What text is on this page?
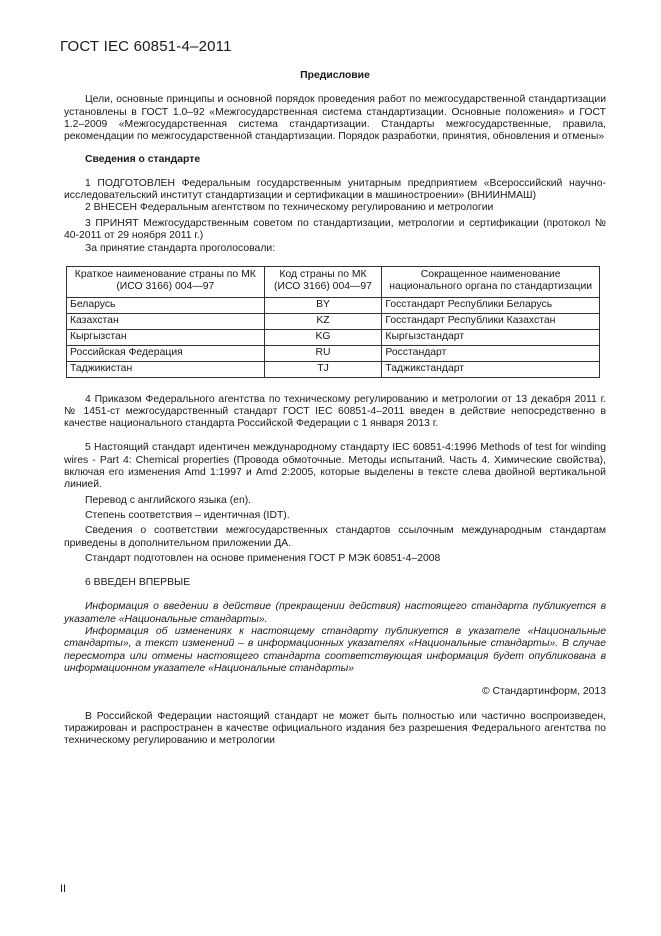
ГОСТ IEC 60851-4–2011

Предисловие

Цели, основные принципы и основной порядок проведения работ по межгосударственной стандартизации установлены в ГОСТ 1.0–92 «Межгосударственная система стандартизации. Основные положения» и ГОСТ 1.2–2009 «Межгосударственная система стандартизации. Стандарты межгосударственные, правила, рекомендации по межгосударственной стандартизации. Порядок разработки, принятия, обновления и отмены»

Сведения о стандарте

1 ПОДГОТОВЛЕН Федеральным государственным унитарным предприятием «Всероссийский научно-исследовательский институт стандартизации и сертификации в машиностроении» (ВНИИНМАШ)

2 ВНЕСЕН Федеральным агентством по техническому регулированию и метрологии

3 ПРИНЯТ Межгосударственным советом по стандартизации, метрологии и сертификации (протокол № 40-2011 от 29 ноября 2011 г.)

За принятие стандарта проголосовали:

Краткое наименование страны по МК (ИСО 3166) 004—97	Код страны по МК (ИСО 3166) 004—97	Сокращенное наименование национального органа по стандартизации
Беларусь	BY	Госстандарт Республики Беларусь
Казахстан	KZ	Госстандарт Республики Казахстан
Кыргызстан	KG	Кыргызстандарт
Российская Федерация	RU	Росстандарт
Таджикистан	TJ	Таджикстандарт

4 Приказом Федерального агентства по техническому регулированию и метрологии от 13 декабря 2011 г. № 1451-ст межгосударственный стандарт ГОСТ IEC 60851-4–2011 введен в действие непосредственно в качестве национального стандарта Российской Федерации с 1 января 2013 г.

5 Настоящий стандарт идентичен международному стандарту IEC 60851-4:1996 Methods of test for winding wires - Part 4: Chemical properties (Провода обмоточные. Методы испытаний. Часть 4. Химические свойства), включая его изменения Amd 1:1997 и Amd 2:2005, которые выделены в тексте слева двойной вертикальной линией.

Перевод с английского языка (en).

Степень соответствия – идентичная (IDT).

Сведения о соответствии межгосударственных стандартов ссылочным международным стандартам приведены в дополнительном приложении ДА.

Стандарт подготовлен на основе применения ГОСТ Р МЭК 60851-4–2008

6 ВВЕДЕН ВПЕРВЫЕ

Информация о введении в действие (прекращении действия) настоящего стандарта публикуется в указателе «Национальные стандарты».

Информация об изменениях к настоящему стандарту публикуется в указателе «Национальные стандарты», а текст изменений – в информационных указателях «Национальные стандарты». В случае пересмотра или отмены настоящего стандарта соответствующая информация будет опубликована в информационном указателе «Национальные стандарты»

© Стандартинформ, 2013

В Российской Федерации настоящий стандарт не может быть полностью или частично воспроизведен, тиражирован и распространен в качестве официального издания без разрешения Федерального агентства по техническому регулированию и метрологии

II
